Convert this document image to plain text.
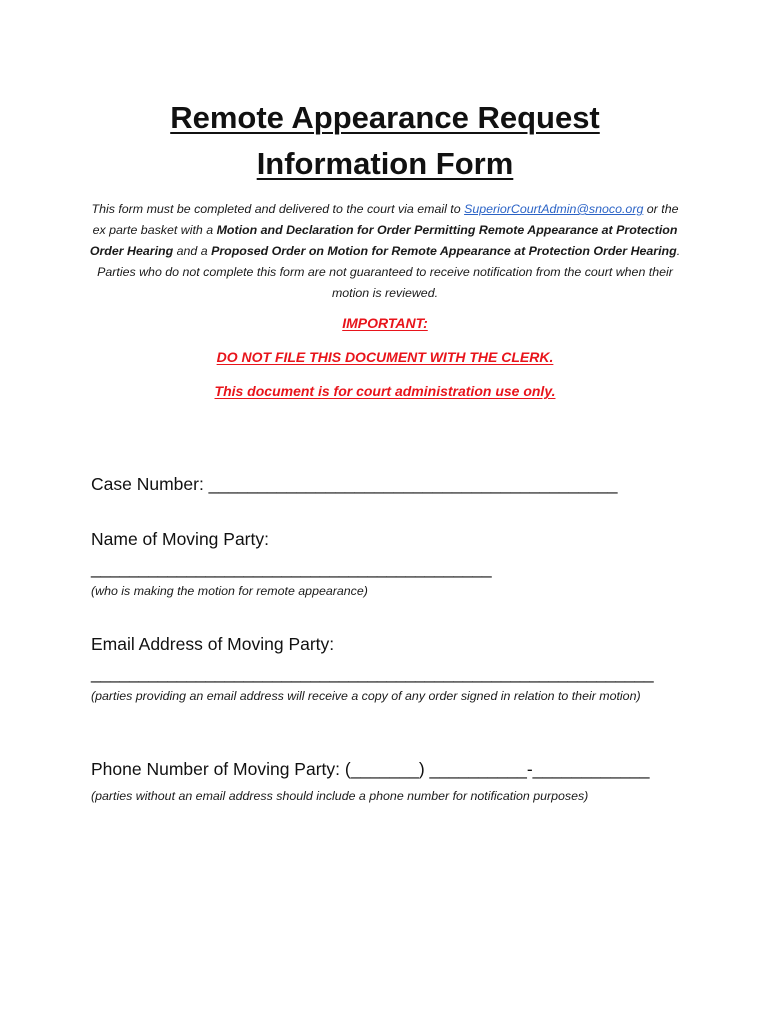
Remote Appearance Request
Information Form
This form must be completed and delivered to the court via email to SuperiorCourtAdmin@snoco.org or the ex parte basket with a Motion and Declaration for Order Permitting Remote Appearance at Protection Order Hearing and a Proposed Order on Motion for Remote Appearance at Protection Order Hearing. Parties who do not complete this form are not guaranteed to receive notification from the court when their motion is reviewed.
IMPORTANT:
DO NOT FILE THIS DOCUMENT WITH THE CLERK.
This document is for court administration use only.
Case Number: __________________________________________
Name of Moving Party:
__________________________________________
(who is making the motion for remote appearance)
Email Address of Moving Party:
___________________________________________________________
(parties providing an email address will receive a copy of any order signed in relation to their motion)
Phone Number of Moving Party: (_______) __________-____________
(parties without an email address should include a phone number for notification purposes)
